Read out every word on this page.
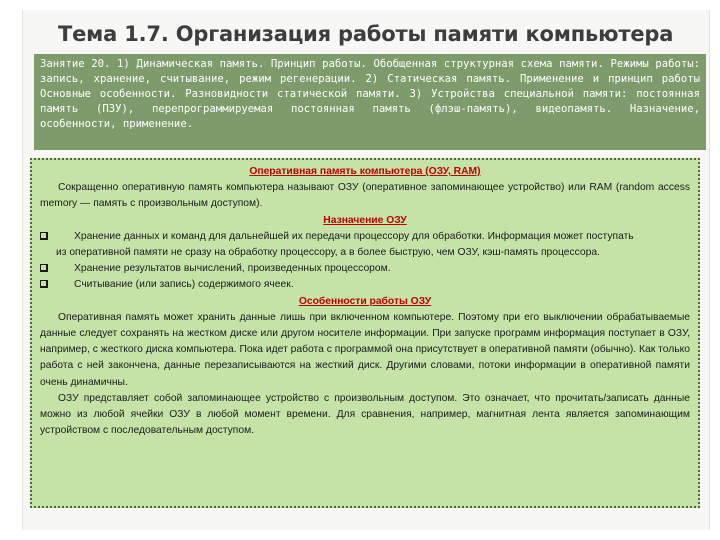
Тема 1.7. Организация работы памяти компьютера

Занятие 20. 1) Динамическая память. Принцип работы. Обобщенная структурная схема памяти. Режимы работы: запись, хранение, считывание, режим регенерации. 2) Статическая память. Применение и принцип работы Основные особенности. Разновидности статической памяти. 3) Устройства специальной памяти: постоянная память (ПЗУ), перепрограммируемая постоянная память (флэш-память), видеопамять. Назначение, особенности, применение.

Оперативная память компьютера (ОЗУ, RAM)

Сокращенно оперативную память компьютера называют ОЗУ (оперативное запоминающее устройство) или RAM (random access memory — память с произвольным доступом).

Назначение ОЗУ
Хранение данных и команд для дальнейшей их передачи процессору для обработки. Информация может поступать

из оперативной памяти не сразу на обработку процессору, а в более быструю, чем ОЗУ, кэш-память процессора.

Хранение результатов вычислений, произведенных процессором.
Считывание (или запись) содержимого ячеек.
Особенности работы ОЗУ

Оперативная память может хранить данные лишь при включенном компьютере. Поэтому при его выключении обрабатываемые данные следует сохранять на жестком диске или другом носителе информации. При запуске программ информация поступает в ОЗУ, например, с жесткого диска компьютера. Пока идет работа с программой она присутствует в оперативной памяти (обычно). Как только работа с ней закончена, данные перезаписываются на жесткий диск. Другими словами, потоки информации в оперативной памяти очень динамичны.

ОЗУ представляет собой запоминающее устройство с произвольным доступом. Это означает, что прочитать/записать данные можно из любой ячейки ОЗУ в любой момент времени. Для сравнения, например, магнитная лента является запоминающим устройством с последовательным доступом.
